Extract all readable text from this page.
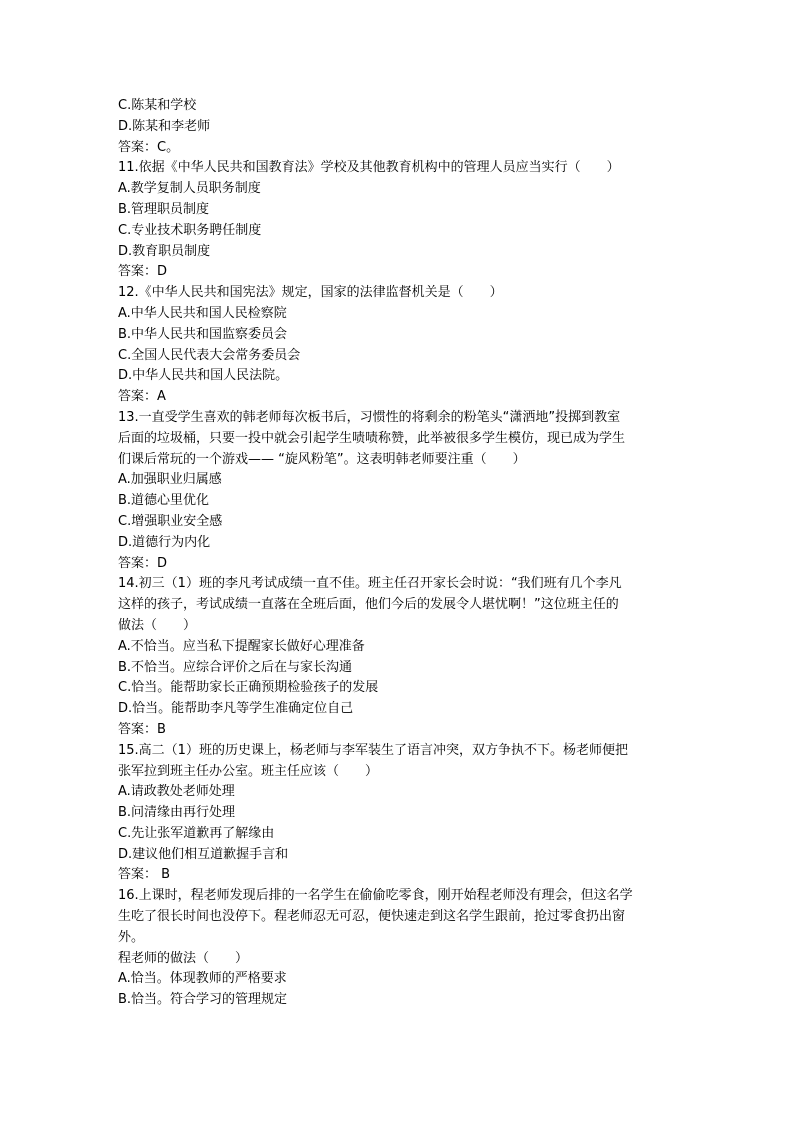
C.陈某和学校
D.陈某和李老师
答案：C。
11.依据《中华人民共和国教育法》学校及其他教育机构中的管理人员应当实行（　　）
A.教学复制人员职务制度
B.管理职员制度
C.专业技术职务聘任制度
D.教育职员制度
答案：D
12.《中华人民共和国宪法》规定，国家的法律监督机关是（　　）
A.中华人民共和国人民检察院
B.中华人民共和国监察委员会
C.全国人民代表大会常务委员会
D.中华人民共和国人民法院。
答案：A
13.一直受学生喜欢的韩老师每次板书后，习惯性的将剩余的粉笔头“潇洒地”投掷到教室
后面的垃圾桶，只要一投中就会引起学生啧啧称赞，此举被很多学生模仿，现已成为学生
们课后常玩的一个游戏—— “旋风粉笔”。这表明韩老师要注重（　　）
A.加强职业归属感
B.道德心里优化
C.增强职业安全感
D.道德行为内化
答案：D
14.初三（1）班的李凡考试成绩一直不佳。班主任召开家长会时说：“我们班有几个李凡
这样的孩子，考试成绩一直落在全班后面，他们今后的发展令人堪忧啊！”这位班主任的
做法（　　）
A.不恰当。应当私下提醒家长做好心理准备
B.不恰当。应综合评价之后在与家长沟通
C.恰当。能帮助家长正确预期检验孩子的发展
D.恰当。能帮助李凡等学生准确定位自己
答案：B
15.高二（1）班的历史课上，杨老师与李军装生了语言冲突，双方争执不下。杨老师便把
张军拉到班主任办公室。班主任应该（　　）
A.请政教处老师处理
B.问清缘由再行处理
C.先让张军道歉再了解缘由
D.建议他们相互道歉握手言和
答案： B
16.上课时，程老师发现后排的一名学生在偷偷吃零食，刚开始程老师没有理会，但这名学
生吃了很长时间也没停下。程老师忍无可忍，便快速走到这名学生跟前，抢过零食扔出窗
外。
程老师的做法（　　）
A.恰当。体现教师的严格要求
B.恰当。符合学习的管理规定
